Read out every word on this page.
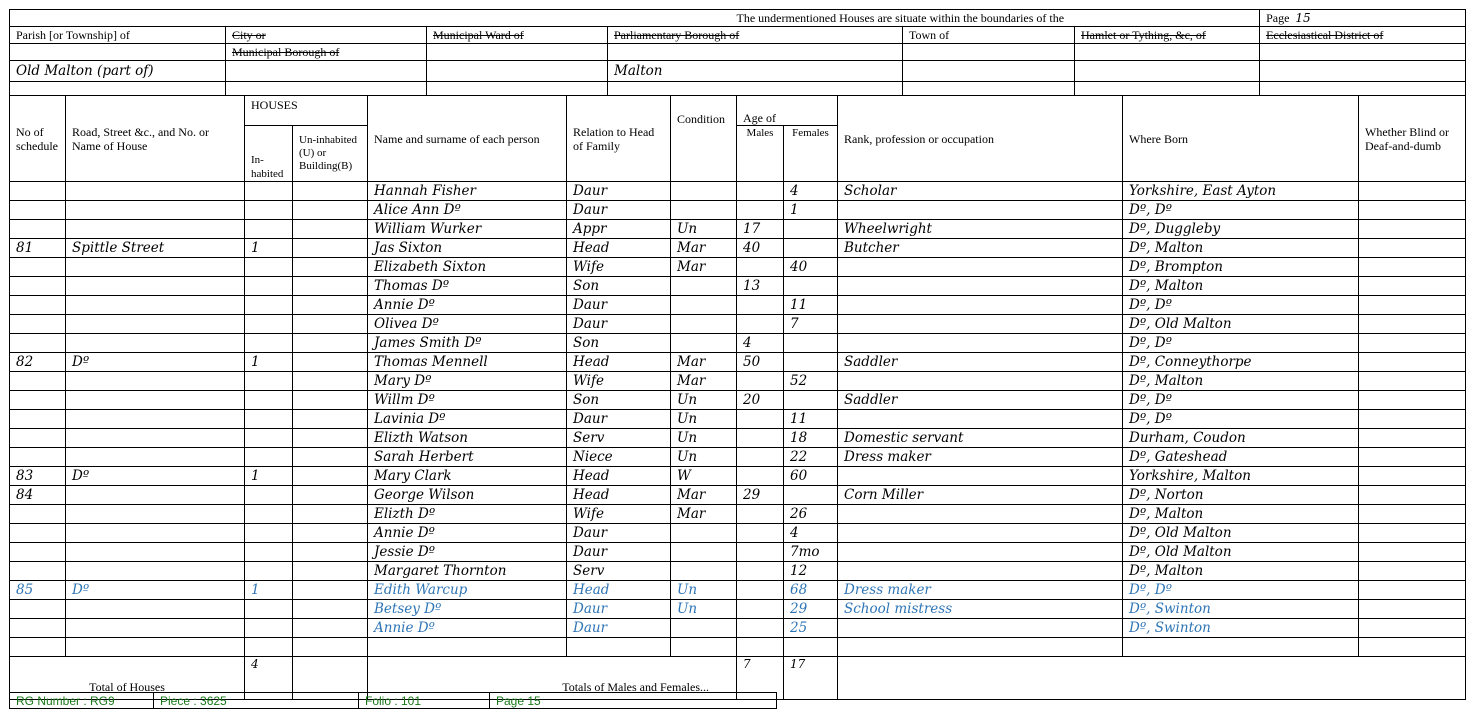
The undermentioned Houses are situate within the boundaries of the						Page 15
Parish [or Township] of	City or	Municipal Ward of	Parliamentary Borough of	Town of	Hamlet or Tything, &c, of	Ecclesiastical District of
	Municipal Borough of					
Old Malton (part of)			Malton			

No of schedule	Road, Street &c., and No. or Name of House	HOUSES		Name and surname of each person	Relation to Head of Family	Condition	Age of		Rank, profession or occupation	Where Born	Whether Blind or Deaf-and-dumb
		In-habited	Un-inhabited (U) or Building(B)				Males	Females			

				Hannah Fisher	Daur			4	Scholar	Yorkshire, East Ayton	
				Alice Ann Dº	Daur			1		Dº, Dº	
				William Wurker	Appr	Un	17		Wheelwright	Dº, Duggleby	
81	Spittle Street	1		Jas Sixton	Head	Mar	40		Butcher	Dº, Malton	
				Elizabeth Sixton	Wife	Mar		40		Dº, Brompton	
				Thomas Dº	Son		13			Dº, Malton	
				Annie Dº	Daur			11		Dº, Dº	
				Olivea Dº	Daur			7		Dº, Old Malton	
				James Smith Dº	Son		4			Dº, Dº	
82	Dº	1		Thomas Mennell	Head	Mar	50		Saddler	Dº, Conneythorpe	
				Mary Dº	Wife	Mar		52		Dº, Malton	
				Willm Dº	Son	Un	20		Saddler	Dº, Dº	
				Lavinia Dº	Daur	Un		11		Dº, Dº	
				Elizth Watson	Serv	Un		18	Domestic servant	Durham, Coudon	
				Sarah Herbert	Niece	Un		22	Dress maker	Dº, Gateshead	
83	Dº	1		Mary Clark	Head	W		60		Yorkshire, Malton	
84				George Wilson	Head	Mar	29		Corn Miller	Dº, Norton	
				Elizth Dº	Wife	Mar		26		Dº, Malton	
				Annie Dº	Daur			4		Dº, Old Malton	
				Jessie Dº	Daur			7mo		Dº, Old Malton	
				Margaret Thornton	Serv			12		Dº, Malton	
85	Dº	1		Edith Warcup	Head	Un		68	Dress maker	Dº, Dº	
				Betsey Dº	Daur	Un		29	School mistress	Dº, Swinton	
				Annie Dº	Daur			25		Dº, Swinton	

Total of Houses		4		Totals of Males and Females...			7	17			
RG Number : RG9	Piece : 3625	Folio : 101	Page 15
